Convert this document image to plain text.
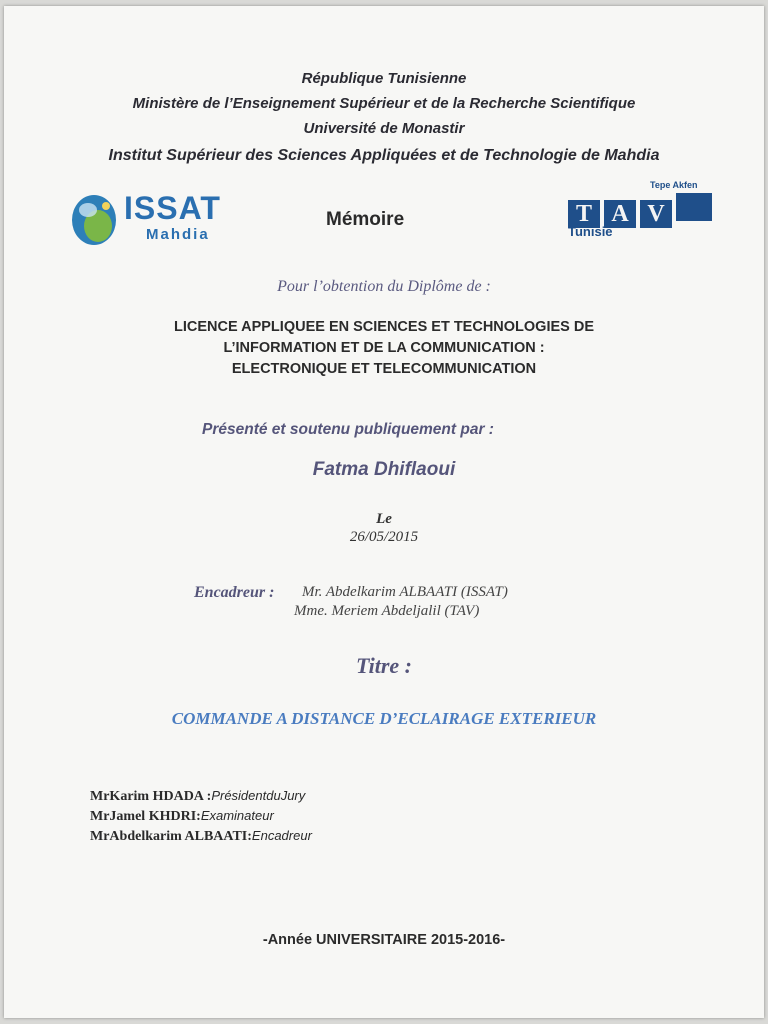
République Tunisienne
Ministère de l’Enseignement Supérieur et de la Recherche Scientifique
Université de Monastir
Institut Supérieur des Sciences Appliquées et de Technologie de Mahdia
ISSAT
Mahdia
Mémoire
Tepe Akfen
T A V
Tunisie
Pour l’obtention du Diplôme de :
LICENCE APPLIQUEE EN SCIENCES ET TECHNOLOGIES DE
L’INFORMATION ET DE LA COMMUNICATION :
ELECTRONIQUE ET TELECOMMUNICATION
Présenté et soutenu publiquement par :
Fatma Dhiflaoui
Le
26/05/2015
Encadreur : Mr. Abdelkarim ALBAATI (ISSAT)
Mme. Meriem Abdeljalil (TAV)
Titre :
COMMANDE A DISTANCE D’ECLAIRAGE EXTERIEUR
MrKarim HDADA :PrésidentduJury
MrJamel KHDRI:Examinateur
MrAbdelkarim ALBAATI:Encadreur
-Année UNIVERSITAIRE 2015-2016-
